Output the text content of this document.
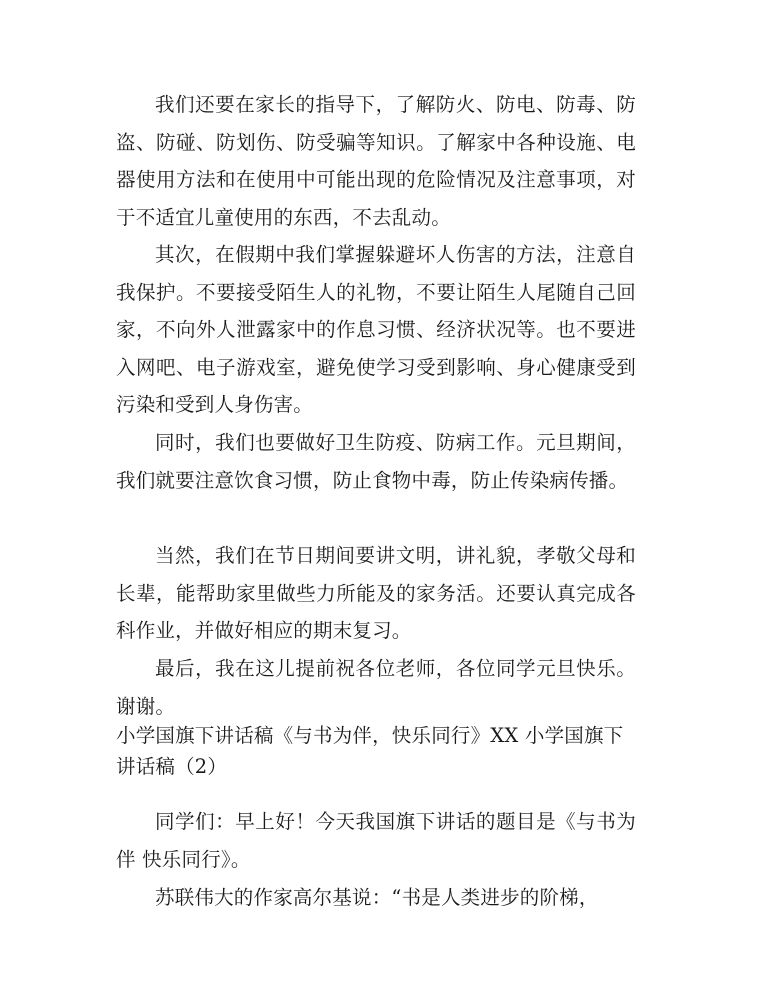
我们还要在家长的指导下，了解防火、防电、防毒、防盗、防碰、防划伤、防受骗等知识。了解家中各种设施、电器使用方法和在使用中可能出现的危险情况及注意事项，对于不适宜儿童使用的东西，不去乱动。

其次，在假期中我们掌握躲避坏人伤害的方法，注意自我保护。不要接受陌生人的礼物，不要让陌生人尾随自己回家，不向外人泄露家中的作息习惯、经济状况等。也不要进入网吧、电子游戏室，避免使学习受到影响、身心健康受到污染和受到人身伤害。

同时，我们也要做好卫生防疫、防病工作。元旦期间，我们就要注意饮食习惯，防止食物中毒，防止传染病传播。

当然，我们在节日期间要讲文明，讲礼貌，孝敬父母和长辈，能帮助家里做些力所能及的家务活。还要认真完成各科作业，并做好相应的期末复习。

最后，我在这儿提前祝各位老师，各位同学元旦快乐。谢谢。

小学国旗下讲话稿《与书为伴，快乐同行》XX 小学国旗下讲话稿（2）

同学们：早上好！今天我国旗下讲话的题目是《与书为伴 快乐同行》。

苏联伟大的作家高尔基说：“书是人类进步的阶梯，
